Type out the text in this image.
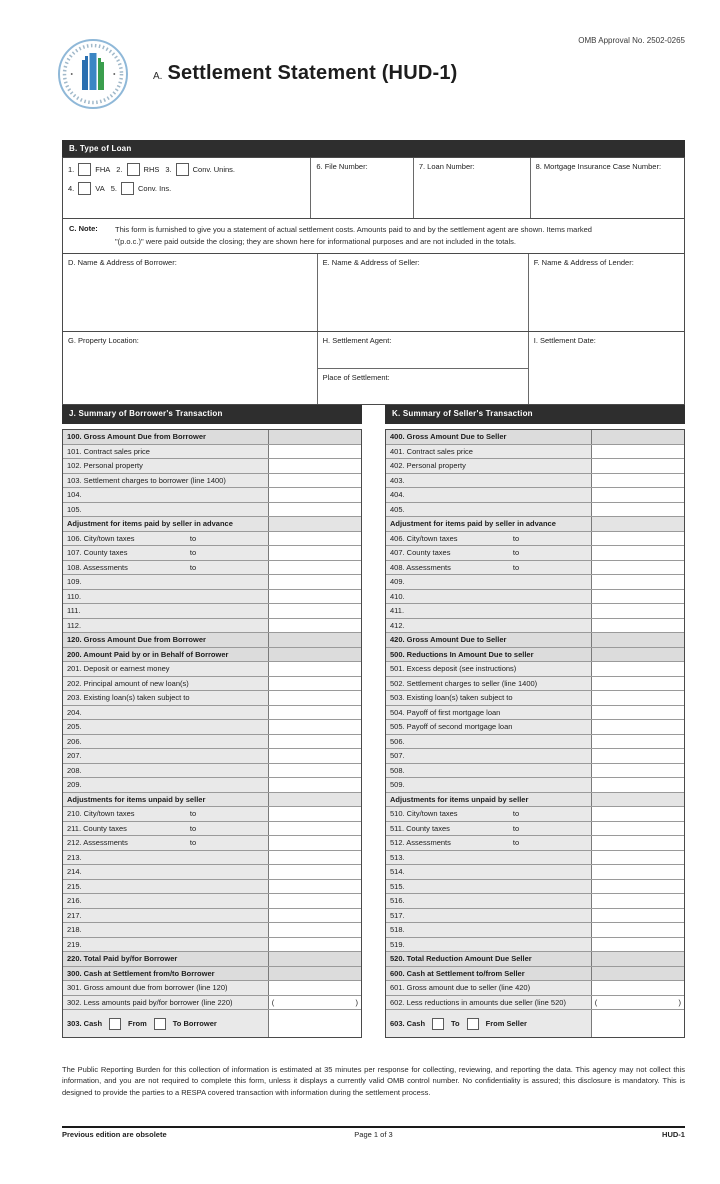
OMB Approval No. 2502-0265
A. Settlement Statement (HUD-1)
B. Type of Loan
1.	FHA 2.	RHS 3.	Conv. Unins.
4.	VA 5.	Conv. Ins.
6. File Number:	7. Loan Number:	8. Mortgage Insurance Case Number:
C. Note:	This form is furnished to give you a statement of actual settlement costs. Amounts paid to and by the settlement agent are shown. Items marked
"(p.o.c.)" were paid outside the closing; they are shown here for informational purposes and are not included in the totals.
D. Name & Address of Borrower:	E. Name & Address of Seller:	F. Name & Address of Lender:
G. Property Location:	H. Settlement Agent:
Place of Settlement:
I. Settlement Date:
J. Summary of Borrower's Transaction	K. Summary of Seller's Transaction
100. Gross Amount Due from Borrower
101. Contract sales price
102. Personal property
103. Settlement charges to borrower (line 1400)
104.
105.
Adjustment for items paid by seller in advance
106. City/town taxes	to
107. County taxes	to
108. Assessments	to
109.
110.
111.
112.
120. Gross Amount Due from Borrower
200. Amount Paid by or in Behalf of Borrower
201. Deposit or earnest money
202. Principal amount of new loan(s)
203. Existing loan(s) taken subject to
204.
205.
206.
207.
208.
209.
Adjustments for items unpaid by seller
210. City/town taxes	to
211. County taxes	to
212. Assessments	to
213.
214.
215.
216.
217.
218.
219.
220. Total Paid by/for Borrower
300. Cash at Settlement from/to Borrower
301. Gross amount due from borrower (line 120)
302. Less amounts paid by/for borrower (line 220)	(	)
303. Cash	From	To Borrower
400. Gross Amount Due to Seller
401. Contract sales price
402. Personal property
403.
404.
405.
Adjustment for items paid by seller in advance
406. City/town taxes	to
407. County taxes	to
408. Assessments	to
409.
410.
411.
412.
420. Gross Amount Due to Seller
500. Reductions In Amount Due to seller
501. Excess deposit (see instructions)
502. Settlement charges to seller (line 1400)
503. Existing loan(s) taken subject to
504. Payoff of first mortgage loan
505. Payoff of second mortgage loan
506.
507.
508.
509.
Adjustments for items unpaid by seller
510. City/town taxes	to
511. County taxes	to
512. Assessments	to
513.
514.
515.
516.
517.
518.
519.
520. Total Reduction Amount Due Seller
600. Cash at Settlement to/from Seller
601. Gross amount due to seller (line 420)
602. Less reductions in amounts due seller (line 520)	(	)
603. Cash	To	From Seller
The Public Reporting Burden for this collection of information is estimated at 35 minutes per response for collecting, reviewing, and reporting the data. This agency may not collect this information, and you are not required to complete this form, unless it displays a currently valid OMB control number. No confidentiality is assured; this disclosure is mandatory. This is designed to provide the parties to a RESPA covered transaction with information during the settlement process.
Previous edition are obsolete	Page 1 of 3	HUD-1
